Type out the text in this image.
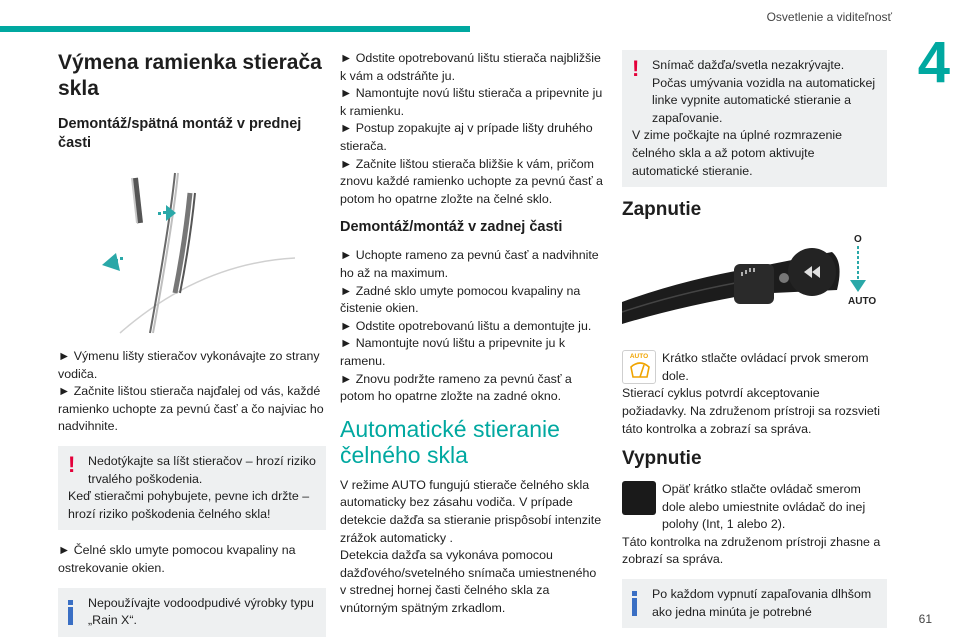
Osvetlenie a viditeľnosť
4
61
Výmena ramienka stierača skla
Demontáž/spätná montáž v prednej časti

► Výmenu lišty stieračov vykonávajte zo strany vodiča.
► Začnite lištou stierača najďalej od vás, každé ramienko uchopte za pevnú časť a čo najviac ho nadvihnite.

!	Nedotýkajte sa líšt stieračov – hrozí riziko trvalého poškodenia.
Keď stieračmi pohybujete, pevne ich držte – hrozí riziko poškodenia čelného skla!

► Čelné sklo umyte pomocou kvapaliny na ostrekovanie okien.

Nepoužívajte vodoodpudivé výrobky typu „Rain X“.

► Odstite opotrebovanú lištu stierača najbližšie k vám a odstráňte ju.
► Namontujte novú lištu stierača a pripevnite ju k ramienku.
► Postup zopakujte aj v prípade lišty druhého stierača.
► Začnite lištou stierača bližšie k vám, pričom znovu každé ramienko uchopte za pevnú časť a potom ho opatrne zložte na čelné sklo.

Demontáž/montáž v zadnej časti

► Uchopte rameno za pevnú časť a nadvihnite ho až na maximum.
► Zadné sklo umyte pomocou kvapaliny na čistenie okien.
► Odstite opotrebovanú lištu a demontujte ju.
► Namontujte novú lištu a pripevnite ju k ramenu.
► Znovu podržte rameno za pevnú časť a potom ho opatrne zložte na zadné okno.

Automatické stieranie čelného skla

V režime AUTO fungujú stierače čelného skla automaticky bez zásahu vodiča. V prípade detekcie dažďa sa stieranie prispôsobí intenzite zrážok automaticky .
Detekcia dažďa sa vykonáva pomocou dažďového/svetelného snímača umiestneného v strednej hornej časti čelného skla za vnútorným spätným zrkadlom.

!	Snímač dažďa/svetla nezakrývajte.
Počas umývania vozidla na automatickej linke vypnite automatické stieranie a zapaľovanie.
V zime počkajte na úplné rozmrazenie čelného skla a až potom aktivujte automatické stieranie.
Zapnutie
O
AUTO
AUTO	Krátko stlačte ovládací prvok smerom dole.

Stierací cyklus potvrdí akceptovanie požiadavky. Na združenom prístroji sa rozsvieti táto kontrolka a zobrazí sa správa.

Vypnutie

Opäť krátko stlačte ovládač smerom dole alebo umiestnite ovládač do inej polohy (Int, 1 alebo 2).

Táto kontrolka na združenom prístroji zhasne a zobrazí sa správa.

Po každom vypnutí zapaľovania dlhšom ako jedna minúta je potrebné
